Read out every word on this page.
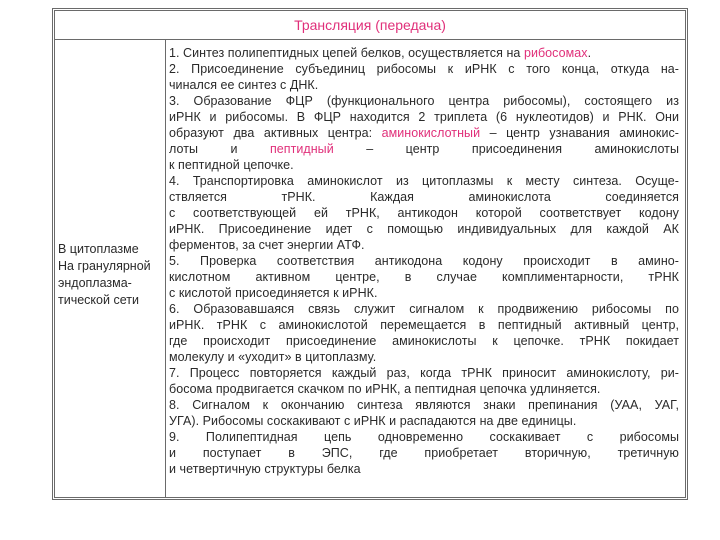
Трансляция (передача)
В цитоплазме
На гранулярной
эндоплазма-
тической сети
1. Синтез полипептидных цепей белков, осуществляется на рибосомах.
2. Присоединение субъединиц рибосомы к иРНК с того конца, откуда на-
чинался ее синтез с ДНК.
3. Образование ФЦР (функционального центра рибосомы), состоящего из
иРНК и рибосомы. В ФЦР находится 2 триплета (6 нуклеотидов) и РНК. Они
образуют два активных центра: аминокислотный – центр узнавания аминокис-
лоты и пептидный – центр присоединения аминокислоты
к пептидной цепочке.
4. Транспортировка аминокислот из цитоплазмы к месту синтеза. Осуще-
ствляется тРНК. Каждая аминокислота соединяется
с соответствующей ей тРНК, антикодон которой соответствует кодону
иРНК. Присоединение идет с помощью индивидуальных для каждой АК
ферментов, за счет энергии АТФ.
5. Проверка соответствия антикодона кодону происходит в амино-
кислотном активном центре, в случае комплиментарности, тРНК
с кислотой присоединяется к иРНК.
6. Образовавшаяся связь служит сигналом к продвижению рибосомы по
иРНК. тРНК с аминокислотой перемещается в пептидный активный центр,
где происходит присоединение аминокислоты к цепочке. тРНК покидает
молекулу и «уходит» в цитоплазму.
7. Процесс повторяется каждый раз, когда тРНК приносит аминокислоту, ри-
босома продвигается скачком по иРНК, а пептидная цепочка удлиняется.
8. Сигналом к окончанию синтеза являются знаки препинания (УАА, УАГ,
УГА). Рибосомы соскакивают с иРНК и распадаются на две единицы.
9. Полипептидная цепь одновременно соскакивает с рибосомы
и поступает в ЭПС, где приобретает вторичную, третичную
и четвертичную структуры белка
